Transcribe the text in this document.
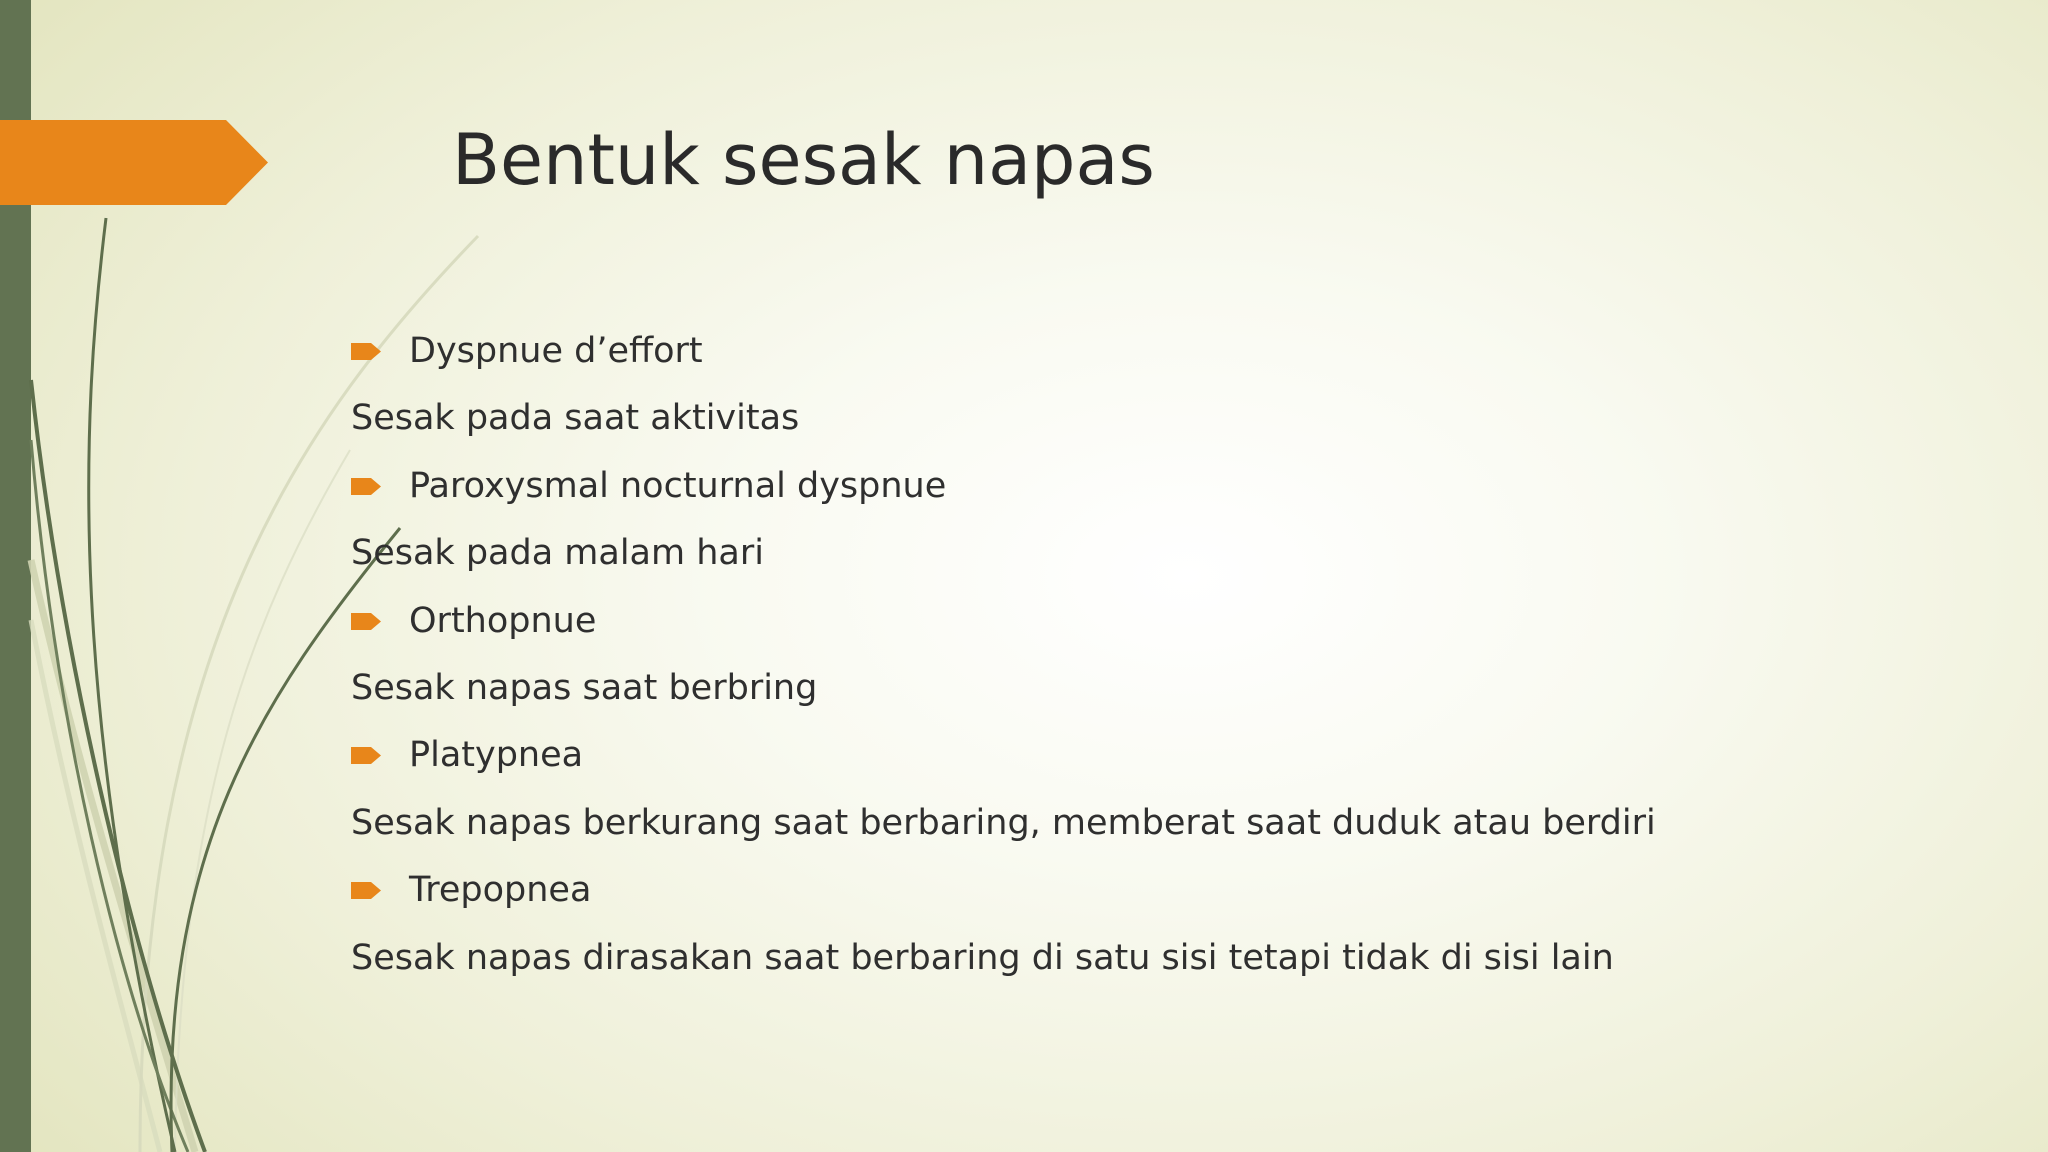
Bentuk sesak napas
Dyspnue d’effort
Sesak pada saat aktivitas
Paroxysmal nocturnal dyspnue
Sesak pada malam hari
Orthopnue
Sesak napas saat berbring
Platypnea
Sesak napas berkurang saat berbaring, memberat saat duduk atau berdiri
Trepopnea
Sesak napas dirasakan saat berbaring di satu sisi tetapi tidak di sisi lain
